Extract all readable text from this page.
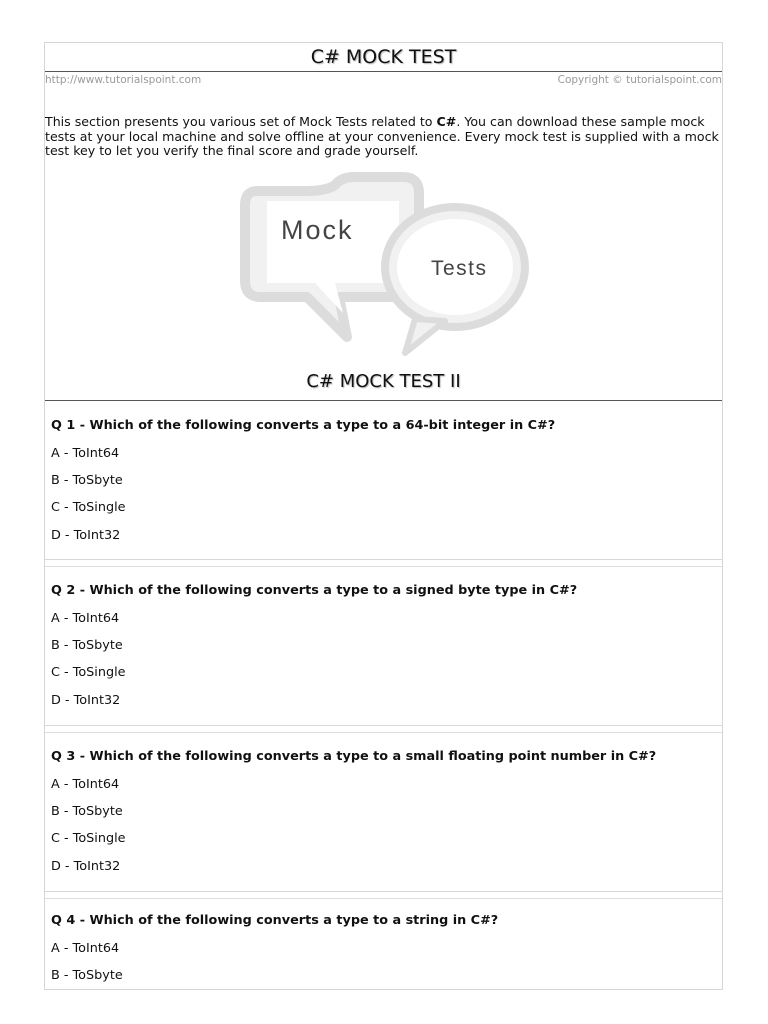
C# MOCK TEST
http://www.tutorialspoint.com	Copyright © tutorialspoint.com
This section presents you various set of Mock Tests related to C#. You can download these sample mock tests at your local machine and solve offline at your convenience. Every mock test is supplied with a mock test key to let you verify the final score and grade yourself.
Mock
Tests
C# MOCK TEST II
Q 1 - Which of the following converts a type to a 64-bit integer in C#?
A - ToInt64
B - ToSbyte
C - ToSingle
D - ToInt32
Q 2 - Which of the following converts a type to a signed byte type in C#?
A - ToInt64
B - ToSbyte
C - ToSingle
D - ToInt32
Q 3 - Which of the following converts a type to a small floating point number in C#?
A - ToInt64
B - ToSbyte
C - ToSingle
D - ToInt32
Q 4 - Which of the following converts a type to a string in C#?
A - ToInt64
B - ToSbyte
